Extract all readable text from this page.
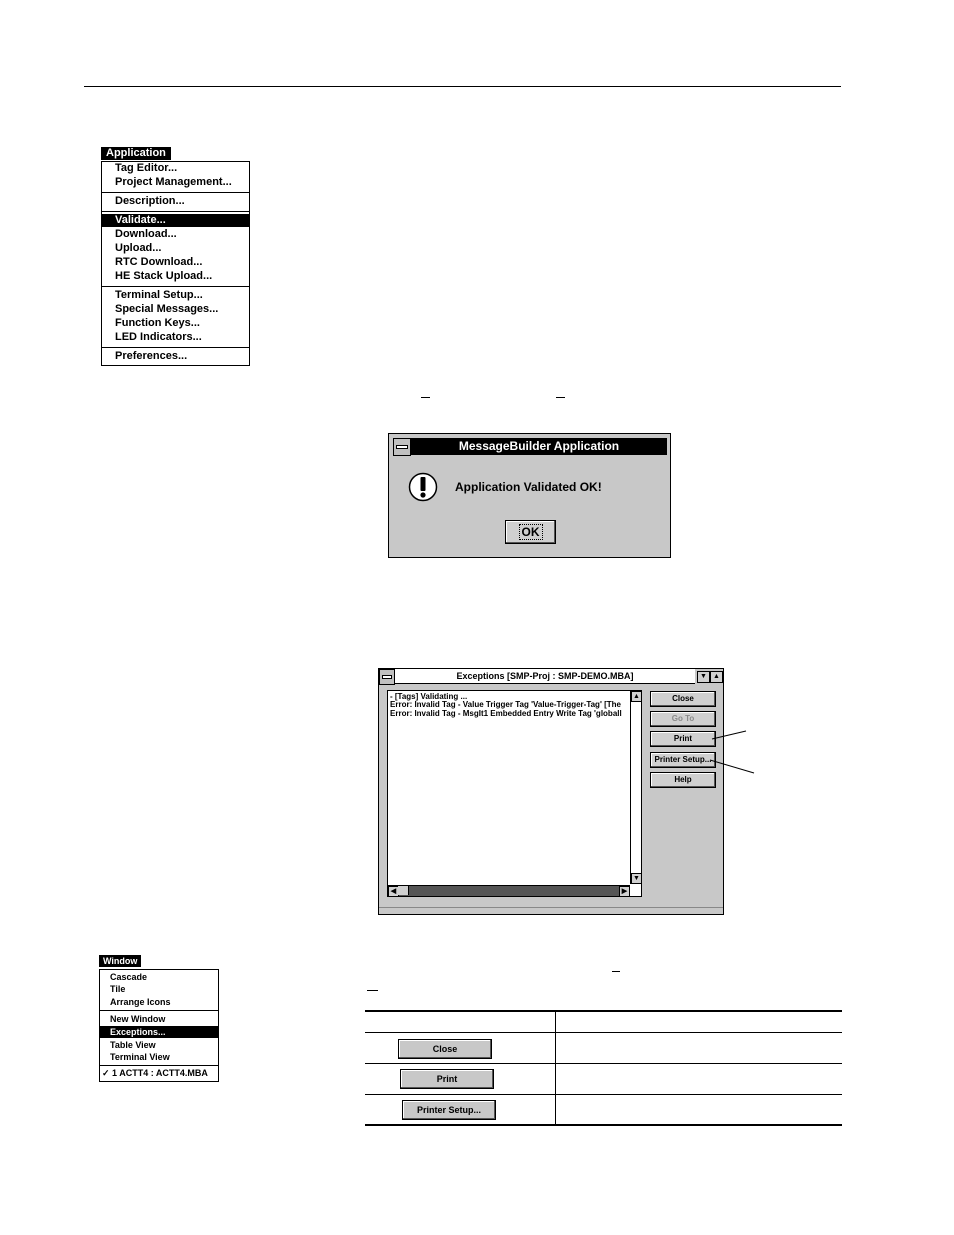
Application
Tag Editor...
Project Management...
Description...
Validate...
Download...
Upload...
RTC Download...
HE Stack Upload...
Terminal Setup...
Special Messages...
Function Keys...
LED Indicators...
Preferences...
MessageBuilder Application
Application Validated OK!
OK
Exceptions [SMP-Proj : SMP-DEMO.MBA]	▼ ▲
- [Tags] Validating ...
Error: Invalid Tag - Value Trigger Tag 'Value-Trigger-Tag' [The
Error: Invalid Tag - MsgIt1 Embedded Entry Write Tag 'globall
▲
▼
◀	▶
Close
Go To
Print
Printer Setup...
Help
Window
Cascade
Tile
Arrange Icons
New Window
Exceptions...
Table View
Terminal View
✓ 1 ACTT4 : ACTT4.MBA
Close
Print
Printer Setup...
